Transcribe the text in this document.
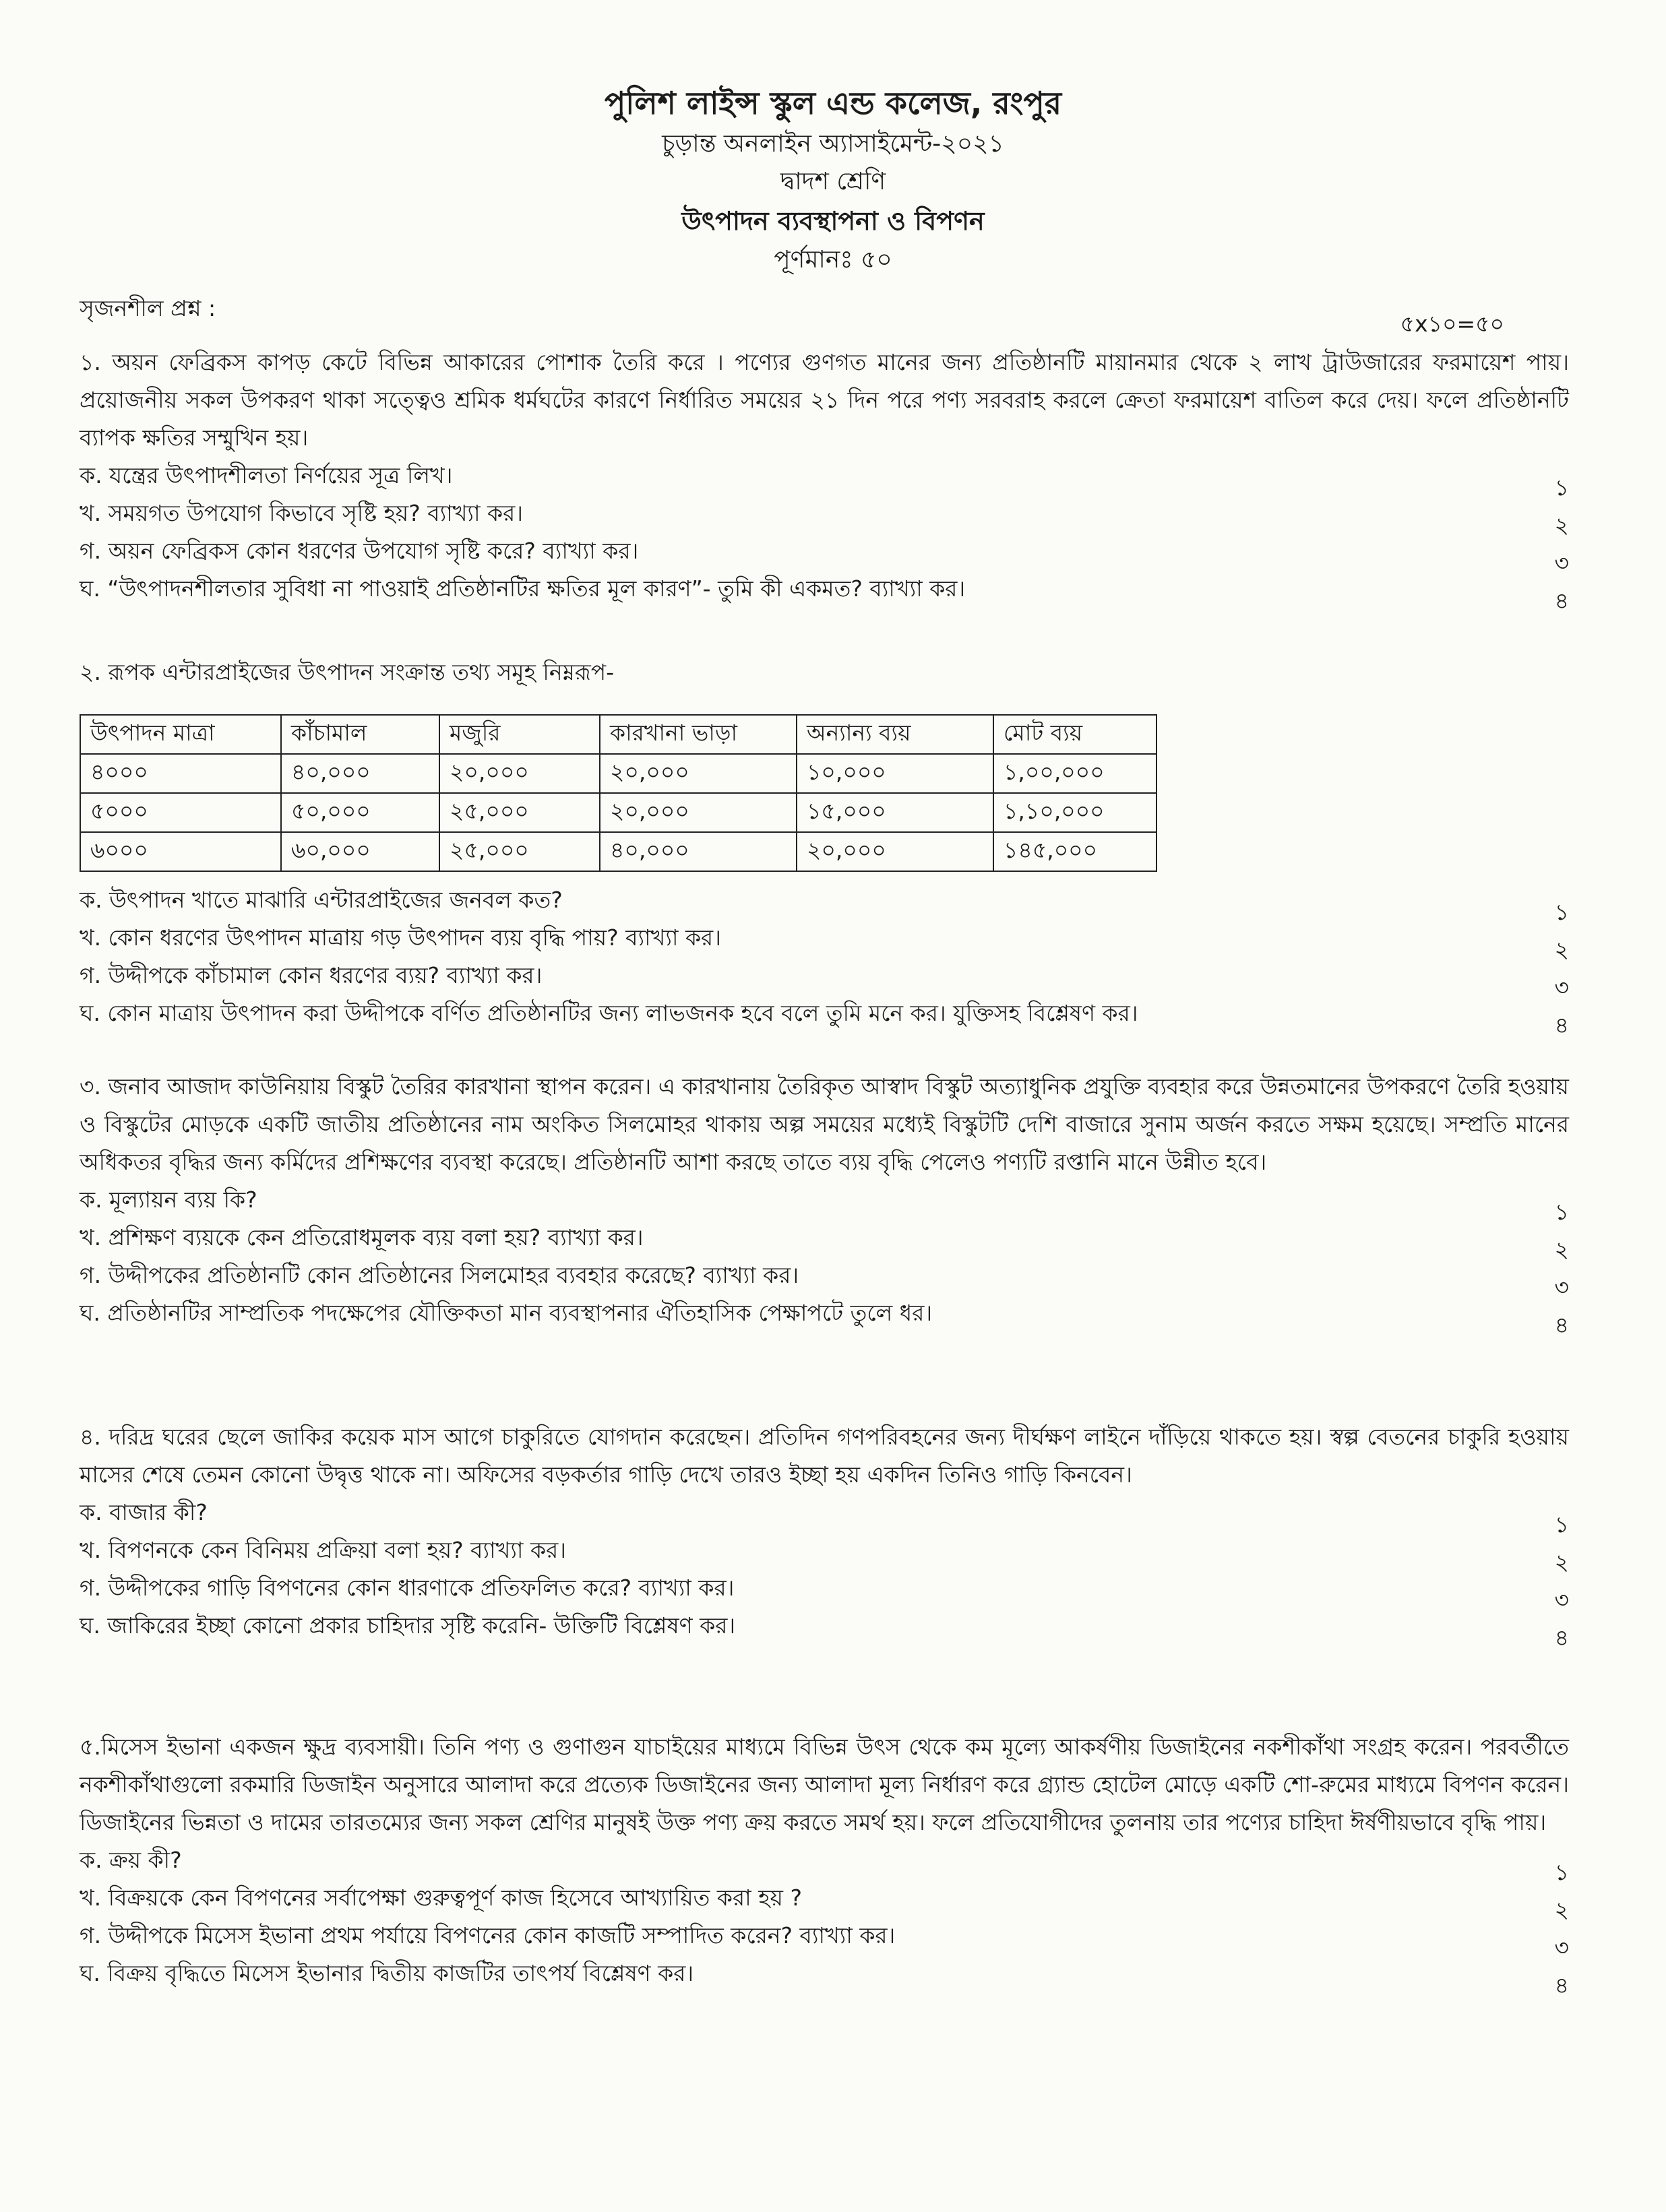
পুলিশ লাইন্স স্কুল এন্ড কলেজ, রংপুর
চুড়ান্ত অনলাইন অ্যাসাইমেন্ট-২০২১
দ্বাদশ শ্রেণি
উৎপাদন ব্যবস্থাপনা ও বিপণন
পূর্ণমানঃ ৫০
সৃজনশীল প্রশ্ন :
৫x১০=৫০
১. অয়ন ফেব্রিকস কাপড় কেটে বিভিন্ন আকারের পোশাক তৈরি করে । পণ্যের গুণগত মানের জন্য প্রতিষ্ঠানটি মায়ানমার থেকে ২ লাখ ট্রাউজারের ফরমায়েশ পায়। প্রয়োজনীয় সকল উপকরণ থাকা সত্ত্বেও শ্রমিক ধর্মঘটের কারণে নির্ধারিত সময়ের ২১ দিন পরে পণ্য সরবরাহ করলে ক্রেতা ফরমায়েশ বাতিল করে দেয়। ফলে প্রতিষ্ঠানটি ব্যাপক ক্ষতির সম্মুখিন হয়।
ক. যন্ত্রের উৎপাদশীলতা নির্ণয়ের সূত্র লিখ।	১
খ. সময়গত উপযোগ কিভাবে সৃষ্টি হয়? ব্যাখ্যা কর।	২
গ. অয়ন ফেব্রিকস কোন ধরণের উপযোগ সৃষ্টি করে? ব্যাখ্যা কর।	৩
ঘ. “উৎপাদনশীলতার সুবিধা না পাওয়াই প্রতিষ্ঠানটির ক্ষতির মূল কারণ”- তুমি কী একমত? ব্যাখ্যা কর।	৪
২. রূপক এন্টারপ্রাইজের উৎপাদন সংক্রান্ত তথ্য সমূহ নিম্নরূপ-
উৎপাদন মাত্রা	কাঁচামাল	মজুরি	কারখানা ভাড়া	অন্যান্য ব্যয়	মোট ব্যয়
৪০০০	৪০,০০০	২০,০০০	২০,০০০	১০,০০০	১,০০,০০০
৫০০০	৫০,০০০	২৫,০০০	২০,০০০	১৫,০০০	১,১০,০০০
৬০০০	৬০,০০০	২৫,০০০	৪০,০০০	২০,০০০	১৪৫,০০০
ক. উৎপাদন খাতে মাঝারি এন্টারপ্রাইজের জনবল কত?	১
খ. কোন ধরণের উৎপাদন মাত্রায় গড় উৎপাদন ব্যয় বৃদ্ধি পায়? ব্যাখ্যা কর।	২
গ. উদ্দীপকে কাঁচামাল কোন ধরণের ব্যয়? ব্যাখ্যা কর।	৩
ঘ. কোন মাত্রায় উৎপাদন করা উদ্দীপকে বর্ণিত প্রতিষ্ঠানটির জন্য লাভজনক হবে বলে তুমি মনে কর। যুক্তিসহ বিশ্লেষণ কর।	৪
৩. জনাব আজাদ কাউনিয়ায় বিস্কুট তৈরির কারখানা স্থাপন করেন। এ কারখানায় তৈরিকৃত আস্বাদ বিস্কুট অত্যাধুনিক প্রযুক্তি ব্যবহার করে উন্নতমানের উপকরণে তৈরি হওয়ায় ও বিস্কুটের মোড়কে একটি জাতীয় প্রতিষ্ঠানের নাম অংকিত সিলমোহর থাকায় অল্প সময়ের মধ্যেই বিস্কুটটি দেশি বাজারে সুনাম অর্জন করতে সক্ষম হয়েছে। সম্প্রতি মানের অধিকতর বৃদ্ধির জন্য কর্মিদের প্রশিক্ষণের ব্যবস্থা করেছে। প্রতিষ্ঠানটি আশা করছে তাতে ব্যয় বৃদ্ধি পেলেও পণ্যটি রপ্তানি মানে উন্নীত হবে।
ক. মূল্যায়ন ব্যয় কি?	১
খ. প্রশিক্ষণ ব্যয়কে কেন প্রতিরোধমূলক ব্যয় বলা হয়? ব্যাখ্যা কর।	২
গ. উদ্দীপকের প্রতিষ্ঠানটি কোন প্রতিষ্ঠানের সিলমোহর ব্যবহার করেছে? ব্যাখ্যা কর।	৩
ঘ. প্রতিষ্ঠানটির সাম্প্রতিক পদক্ষেপের যৌক্তিকতা মান ব্যবস্থাপনার ঐতিহাসিক পেক্ষাপটে তুলে ধর।	৪
৪. দরিদ্র ঘরের ছেলে জাকির কয়েক মাস আগে চাকুরিতে যোগদান করেছেন। প্রতিদিন গণপরিবহনের জন্য দীর্ঘক্ষণ লাইনে দাঁড়িয়ে থাকতে হয়। স্বল্প বেতনের চাকুরি হওয়ায় মাসের শেষে তেমন কোনো উদ্বৃত্ত থাকে না। অফিসের বড়কর্তার গাড়ি দেখে তারও ইচ্ছা হয় একদিন তিনিও গাড়ি কিনবেন।
ক. বাজার কী?	১
খ. বিপণনকে কেন বিনিময় প্রক্রিয়া বলা হয়? ব্যাখ্যা কর।	২
গ. উদ্দীপকের গাড়ি বিপণনের কোন ধারণাকে প্রতিফলিত করে? ব্যাখ্যা কর।	৩
ঘ. জাকিরের ইচ্ছা কোনো প্রকার চাহিদার সৃষ্টি করেনি- উক্তিটি বিশ্লেষণ কর।	৪
৫.মিসেস ইভানা একজন ক্ষুদ্র ব্যবসায়ী। তিনি পণ্য ও গুণাগুন যাচাইয়ের মাধ্যমে বিভিন্ন উৎস থেকে কম মূল্যে আকর্ষণীয় ডিজাইনের নকশীকাঁথা সংগ্রহ করেন। পরবর্তীতে নকশীকাঁথাগুলো রকমারি ডিজাইন অনুসারে আলাদা করে প্রত্যেক ডিজাইনের জন্য আলাদা মূল্য নির্ধারণ করে গ্র্যান্ড হোটেল মোড়ে একটি শো-রুমের মাধ্যমে বিপণন করেন। ডিজাইনের ভিন্নতা ও দামের তারতম্যের জন্য সকল শ্রেণির মানুষই উক্ত পণ্য ক্রয় করতে সমর্থ হয়। ফলে প্রতিযোগীদের তুলনায় তার পণ্যের চাহিদা ঈর্ষণীয়ভাবে বৃদ্ধি পায়।
ক. ক্রয় কী?	১
খ. বিক্রয়কে কেন বিপণনের সর্বাপেক্ষা গুরুত্বপূর্ণ কাজ হিসেবে আখ্যায়িত করা হয় ?	২
গ. উদ্দীপকে মিসেস ইভানা প্রথম পর্যায়ে বিপণনের কোন কাজটি সম্পাদিত করেন? ব্যাখ্যা কর।	৩
ঘ. বিক্রয় বৃদ্ধিতে মিসেস ইভানার দ্বিতীয় কাজটির তাৎপর্য বিশ্লেষণ কর।	৪
